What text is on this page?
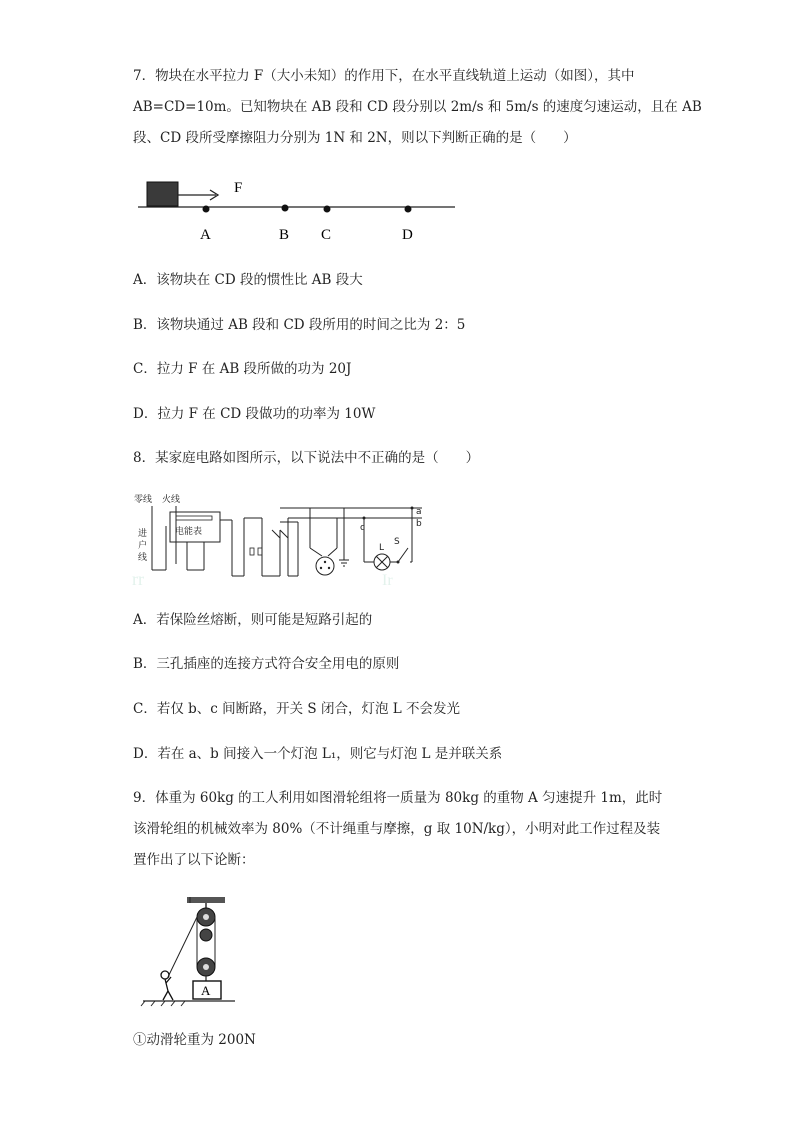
7．物块在水平拉力 F（大小未知）的作用下，在水平直线轨道上运动（如图），其中
AB=CD=10m。已知物块在 AB 段和 CD 段分别以 2m/s 和 5m/s 的速度匀速运动，且在 AB
段、CD 段所受摩擦阻力分别为 1N 和 2N，则以下判断正确的是（　　）
F
A	B C	D
A．该物块在 CD 段的惯性比 AB 段大
B．该物块通过 AB 段和 CD 段所用的时间之比为 2：5
C．拉力 F 在 AB 段所做的功为 20J
D．拉力 F 在 CD 段做功的功率为 10W
8．某家庭电路如图所示，以下说法中不正确的是（　　）
rr	Ir
零线 火线
进
户
线
电能表
a
b
c
L
S
A．若保险丝熔断，则可能是短路引起的
B．三孔插座的连接方式符合安全用电的原则
C．若仅 b、c 间断路，开关 S 闭合，灯泡 L 不会发光
D．若在 a、b 间接入一个灯泡 L₁，则它与灯泡 L 是并联关系
9．体重为 60kg 的工人利用如图滑轮组将一质量为 80kg 的重物 A 匀速提升 1m，此时
该滑轮组的机械效率为 80%（不计绳重与摩擦，g 取 10N/kg），小明对此工作过程及装
置作出了以下论断：
A
①动滑轮重为 200N
